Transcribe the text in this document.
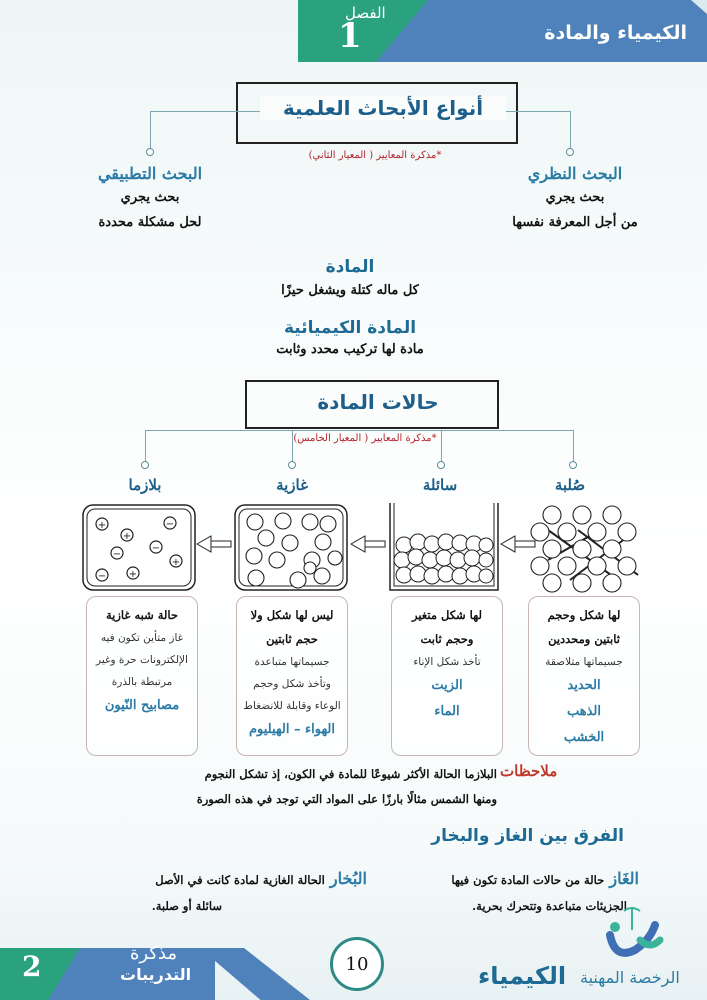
الفصل
1	الكيمياء والمادة
أنواع الأبحاث العلمية
*مذكرة المعايير ( المعيار الثاني)
البحث النظري
بحث يجري
من أجل المعرفة نفسها
البحث التطبيقي
بحث يجري
لحل مشكلة محددة
المادة
كل ماله كتلة ويشغل حيزًا
المادة الكيميائية
مادة لها تركيب محدد وثابت
حالات المادة
*مذكرة المعايير ( المعيار الخامس)
صُلبة
سائلة
غازية
بلازما
+
+
−
−
−
+
+
−
لها شكل وحجم
ثابتين ومحددين
جسيماتها متلاصقة
الحديد
الذهب
الخشب
لها شكل متغير
وحجم ثابت
تأخذ شكل الإناء
الزيت
الماء
ليس لها شكل ولا
حجم ثابتين
جسيماتها متباعدة
وتأخذ شكل وحجم
الوعاء وقابلة للانضغاط
الهواء – الهيليوم
حالة شبه غازية
غاز متأين تكون فيه
الإلكترونات حرة وغير
مرتبطة بالذرة
مصابيح النّيون
ملاحظات
البلازما الحالة الأكثر شيوعًا للمادة في الكون، إذ تشكل النجوم
ومنها الشمس مثالًا بارزًا على المواد التي توجد في هذه الصورة
الفرق بين الغاز والبخار
الغَاز حالة من حالات المادة تكون فيها
الجزيئات متباعدة وتتحرك بحرية.
البُخار الحالة الغازية لمادة كانت في الأصل
سائلة أو صلبة.
2	مذكرة
التدريبات	10	الكيمياء الرخصة المهنية
